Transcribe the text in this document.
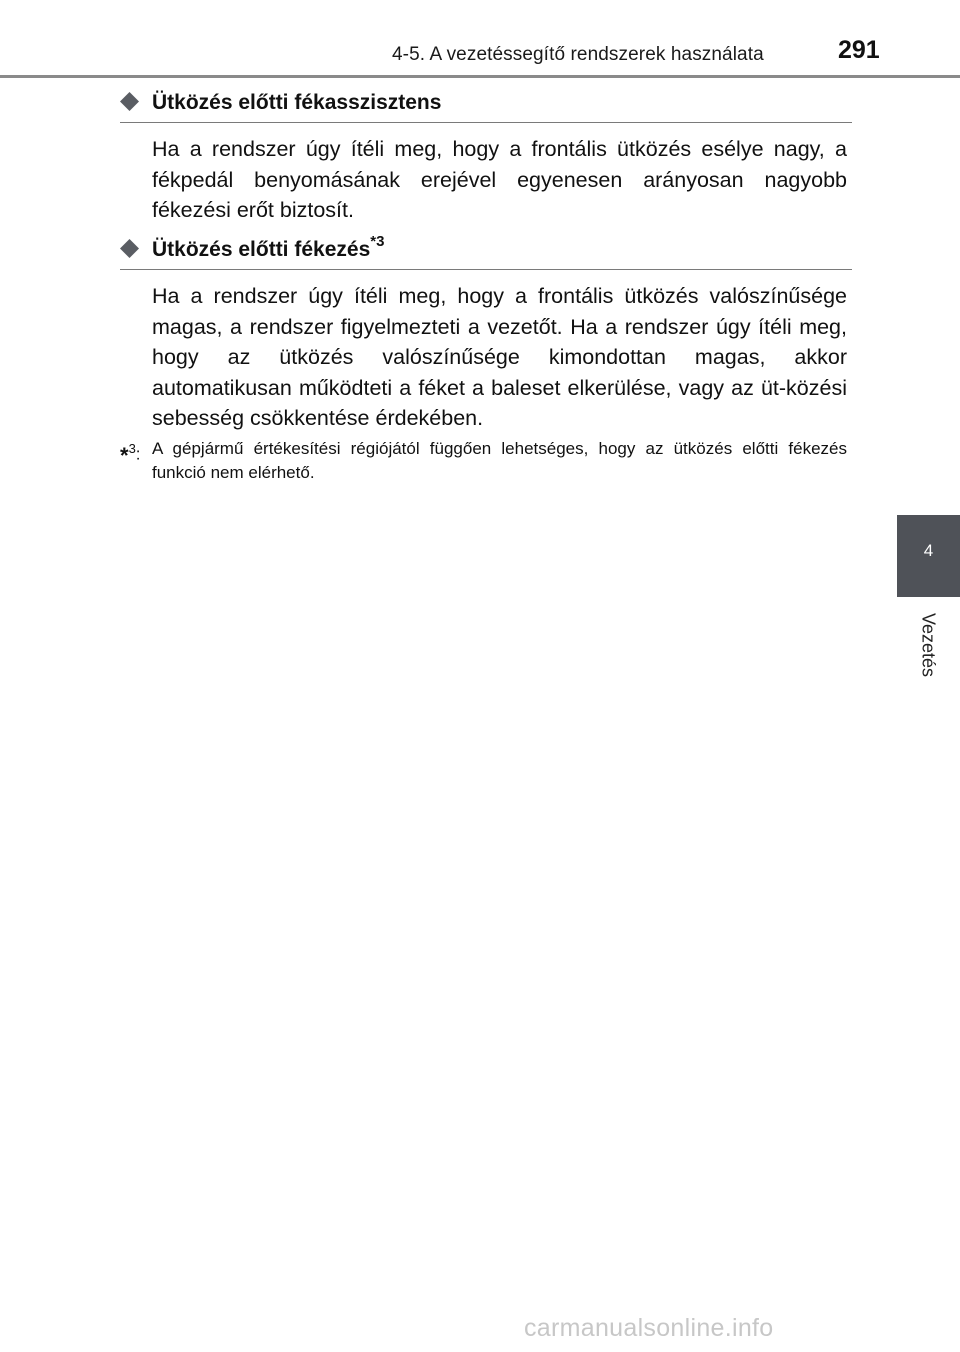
4-5. A vezetéssegítő rendszerek használata	291
Ütközés előtti fékasszisztens
Ha a rendszer úgy ítéli meg, hogy a frontális ütközés esélye nagy, a fékpedál benyomásának erejével egyenesen arányosan nagyobb fékezési erőt biztosít.
Ütközés előtti fékezés$^{*3}$
Ha a rendszer úgy ítéli meg, hogy a frontális ütközés valószínűsége magas, a rendszer figyelmezteti a vezetőt. Ha a rendszer úgy ítéli meg, hogy az ütközés valószínűsége kimondottan magas, akkor automatikusan működteti a féket a baleset elkerülése, vagy az üt-közési sebesség csökkentése érdekében.
*$^3$: A gépjármű értékesítési régiójától függően lehetséges, hogy az ütközés előtti fékezés funkció nem elérhető.
4
Vezetés
carmanualsonline.info
